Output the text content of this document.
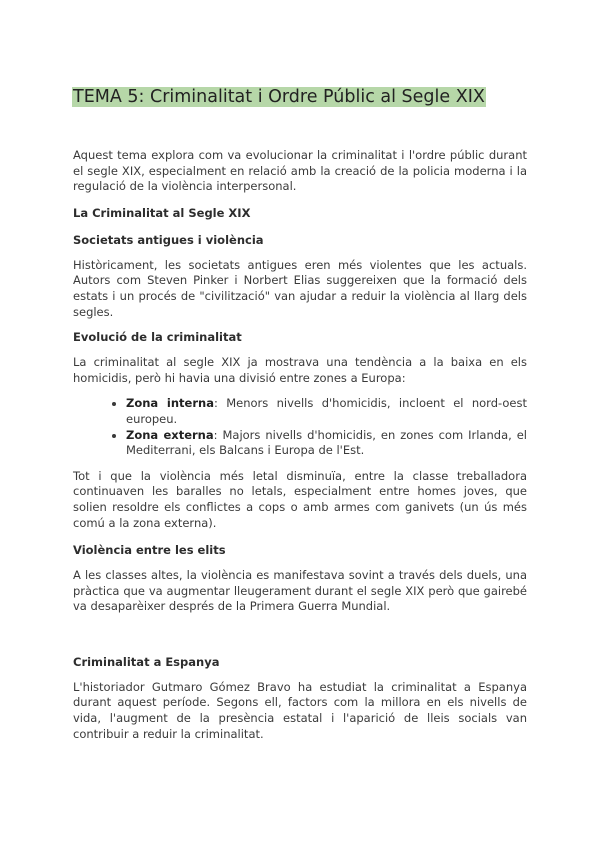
TEMA 5: Criminalitat i Ordre Públic al Segle XIX

Aquest tema explora com va evolucionar la criminalitat i l'ordre públic durant el segle XIX, especialment en relació amb la creació de la policia moderna i la regulació de la violència interpersonal.

La Criminalitat al Segle XIX
Societats antigues i violència

Històricament, les societats antigues eren més violentes que les actuals. Autors com Steven Pinker i Norbert Elias suggereixen que la formació dels estats i un procés de "civilització" van ajudar a reduir la violència al llarg dels segles.

Evolució de la criminalitat

La criminalitat al segle XIX ja mostrava una tendència a la baixa en els homicidis, però hi havia una divisió entre zones a Europa:

• Zona interna: Menors nivells d'homicidis, incloent el nord-oest europeu.
• Zona externa: Majors nivells d'homicidis, en zones com Irlanda, el Mediterrani, els Balcans i Europa de l'Est.

Tot i que la violència més letal disminuïa, entre la classe treballadora continuaven les baralles no letals, especialment entre homes joves, que solien resoldre els conflictes a cops o amb armes com ganivets (un ús més comú a la zona externa).

Violència entre les elits

A les classes altes, la violència es manifestava sovint a través dels duels, una pràctica que va augmentar lleugerament durant el segle XIX però que gairebé va desaparèixer després de la Primera Guerra Mundial.

Criminalitat a Espanya

L'historiador Gutmaro Gómez Bravo ha estudiat la criminalitat a Espanya durant aquest període. Segons ell, factors com la millora en els nivells de vida, l'augment de la presència estatal i l'aparició de lleis socials van contribuir a reduir la criminalitat.
